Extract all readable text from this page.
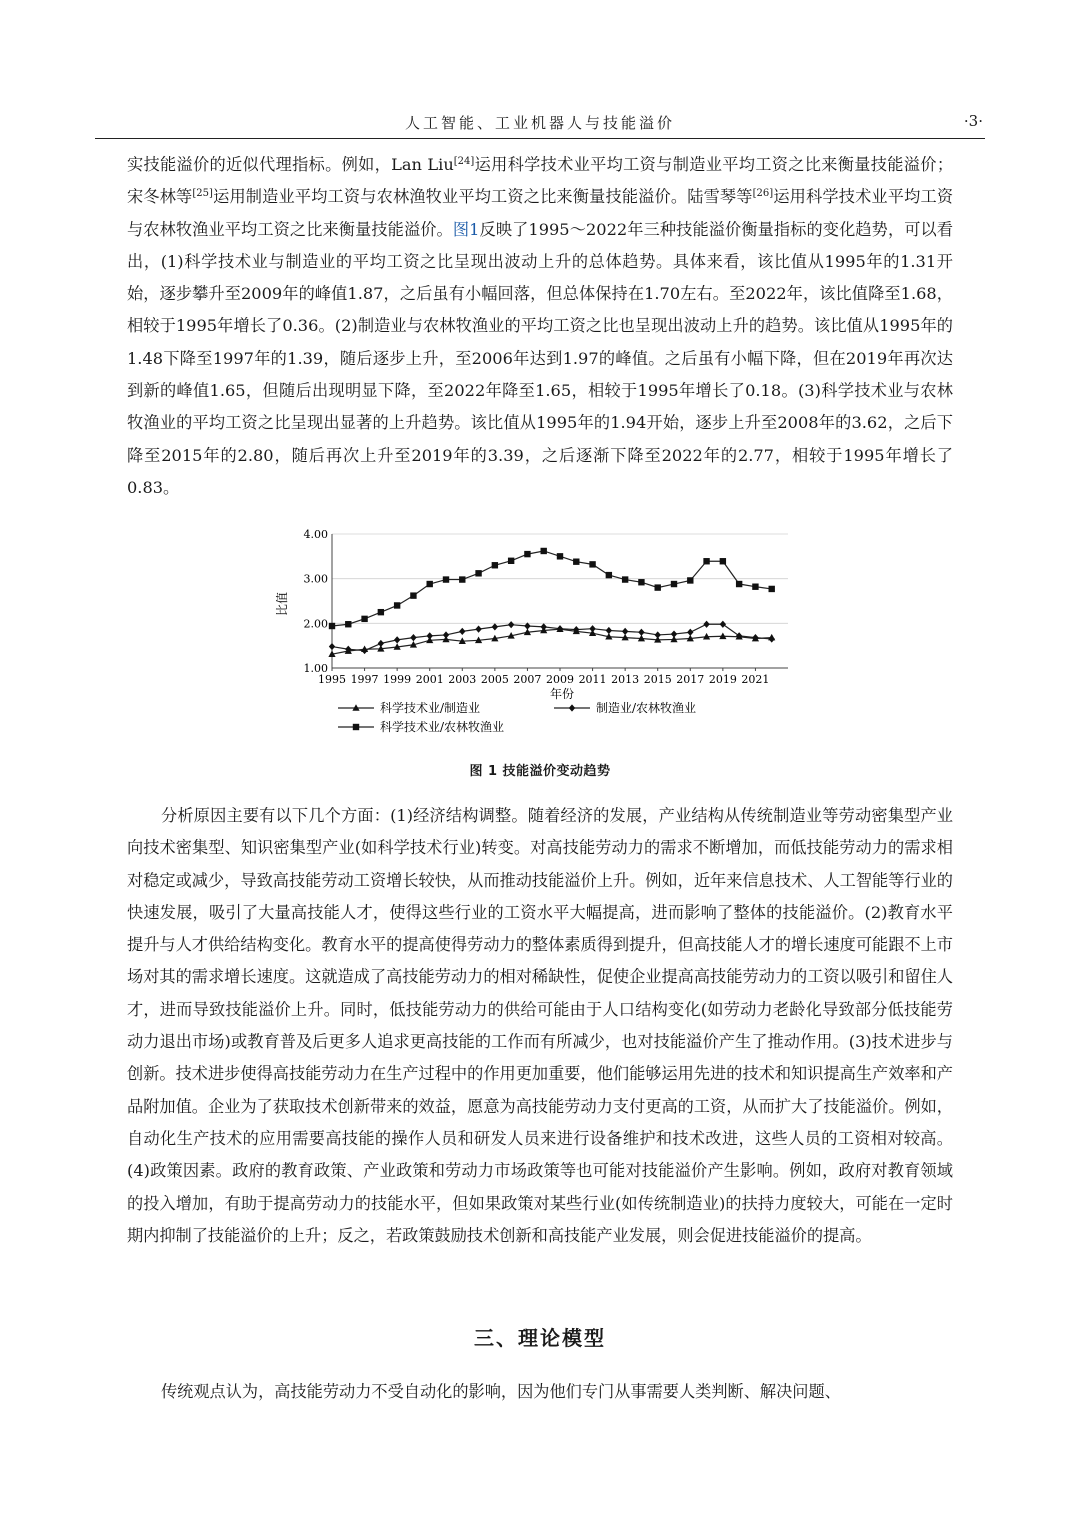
人工智能、工业机器人与技能溢价	·3·
实技能溢价的近似代理指标。例如，Lan Liu[24]运用科学技术业平均工资与制造业平均工资之比来衡量技能溢价；宋冬林等[25]运用制造业平均工资与农林渔牧业平均工资之比来衡量技能溢价。陆雪琴等[26]运用科学技术业平均工资与农林牧渔业平均工资之比来衡量技能溢价。图1反映了1995～2022年三种技能溢价衡量指标的变化趋势，可以看出，(1)科学技术业与制造业的平均工资之比呈现出波动上升的总体趋势。具体来看，该比值从1995年的1.31开始，逐步攀升至2009年的峰值1.87，之后虽有小幅回落，但总体保持在1.70左右。至2022年，该比值降至1.68，相较于1995年增长了0.36。(2)制造业与农林牧渔业的平均工资之比也呈现出波动上升的趋势。该比值从1995年的1.48下降至1997年的1.39，随后逐步上升，至2006年达到1.97的峰值。之后虽有小幅下降，但在2019年再次达到新的峰值1.65，但随后出现明显下降，至2022年降至1.65，相较于1995年增长了0.18。(3)科学技术业与农林牧渔业的平均工资之比呈现出显著的上升趋势。该比值从1995年的1.94开始，逐步上升至2008年的3.62，之后下降至2015年的2.80，随后再次上升至2019年的3.39，之后逐渐下降至2022年的2.77，相较于1995年增长了0.83。
1.00
2.00
3.00
4.00
1995 1997 1999 2001 2003 2005 2007 2009 2011 2013 2015 2017 2019 2021
科学技术业/制造业	制造业/农林牧渔业
科学技术业/农林牧渔业
比值
年份
图 1 技能溢价变动趋势
分析原因主要有以下几个方面：(1)经济结构调整。随着经济的发展，产业结构从传统制造业等劳动密集型产业向技术密集型、知识密集型产业(如科学技术行业)转变。对高技能劳动力的需求不断增加，而低技能劳动力的需求相对稳定或减少，导致高技能劳动工资增长较快，从而推动技能溢价上升。例如，近年来信息技术、人工智能等行业的快速发展，吸引了大量高技能人才，使得这些行业的工资水平大幅提高，进而影响了整体的技能溢价。(2)教育水平提升与人才供给结构变化。教育水平的提高使得劳动力的整体素质得到提升，但高技能人才的增长速度可能跟不上市场对其的需求增长速度。这就造成了高技能劳动力的相对稀缺性，促使企业提高高技能劳动力的工资以吸引和留住人才，进而导致技能溢价上升。同时，低技能劳动力的供给可能由于人口结构变化(如劳动力老龄化导致部分低技能劳动力退出市场)或教育普及后更多人追求更高技能的工作而有所减少，也对技能溢价产生了推动作用。(3)技术进步与创新。技术进步使得高技能劳动力在生产过程中的作用更加重要，他们能够运用先进的技术和知识提高生产效率和产品附加值。企业为了获取技术创新带来的效益，愿意为高技能劳动力支付更高的工资，从而扩大了技能溢价。例如，自动化生产技术的应用需要高技能的操作人员和研发人员来进行设备维护和技术改进，这些人员的工资相对较高。(4)政策因素。政府的教育政策、产业政策和劳动力市场政策等也可能对技能溢价产生影响。例如，政府对教育领域的投入增加，有助于提高劳动力的技能水平，但如果政策对某些行业(如传统制造业)的扶持力度较大，可能在一定时期内抑制了技能溢价的上升；反之，若政策鼓励技术创新和高技能产业发展，则会促进技能溢价的提高。
三、理论模型
传统观点认为，高技能劳动力不受自动化的影响，因为他们专门从事需要人类判断、解决问题、
